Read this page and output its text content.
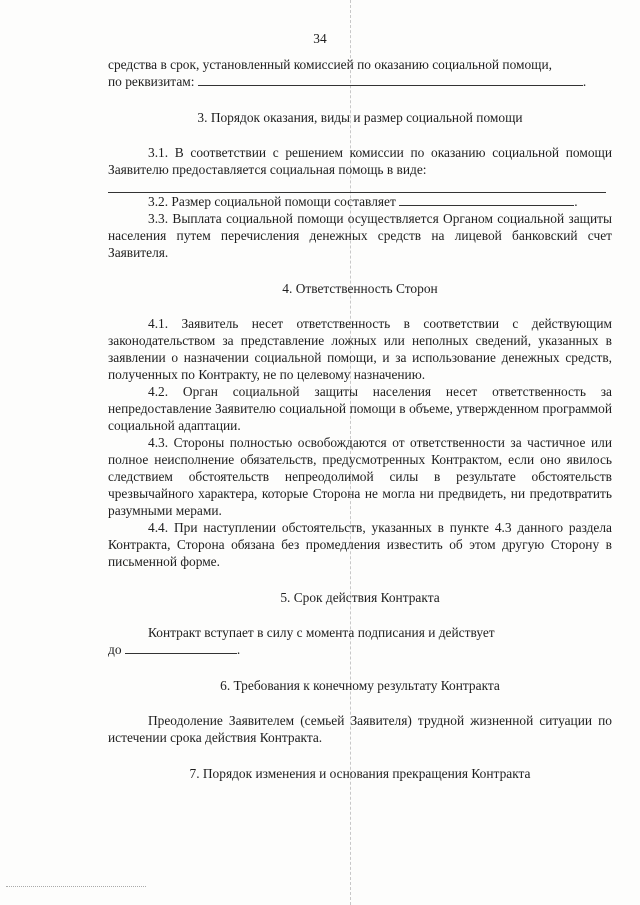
34

средства в срок, установленный комиссией по оказанию социальной помощи,

по реквизитам:	.

3. Порядок оказания, виды и размер социальной помощи

3.1. В соответствии с решением комиссии по оказанию социальной помощи Заявителю предоставляется социальная помощь в виде:

3.2. Размер социальной помощи составляет	.

3.3. Выплата социальной помощи осуществляется Органом социальной защиты населения путем перечисления денежных средств на лицевой банковский счет Заявителя.

4. Ответственность Сторон

4.1. Заявитель несет ответственность в соответствии с действующим законодательством за представление ложных или неполных сведений, указанных в заявлении о назначении социальной помощи, и за использование денежных средств, полученных по Контракту, не по целевому назначению.

4.2. Орган социальной защиты населения несет ответственность за непредоставление Заявителю социальной помощи в объеме, утвержденном программой социальной адаптации.

4.3. Стороны полностью освобождаются от ответственности за частичное или полное неисполнение обязательств, предусмотренных Контрактом, если оно явилось следствием обстоятельств непреодолимой силы в результате обстоятельств чрезвычайного характера, которые Сторона не могла ни предвидеть, ни предотвратить разумными мерами.

4.4. При наступлении обстоятельств, указанных в пункте 4.3 данного раздела Контракта, Сторона обязана без промедления известить об этом другую Сторону в письменной форме.

5. Срок действия Контракта

Контракт вступает в силу с момента подписания и действует

до	.

6. Требования к конечному результату Контракта

Преодоление Заявителем (семьей Заявителя) трудной жизненной ситуации по истечении срока действия Контракта.

7. Порядок изменения и основания прекращения Контракта
